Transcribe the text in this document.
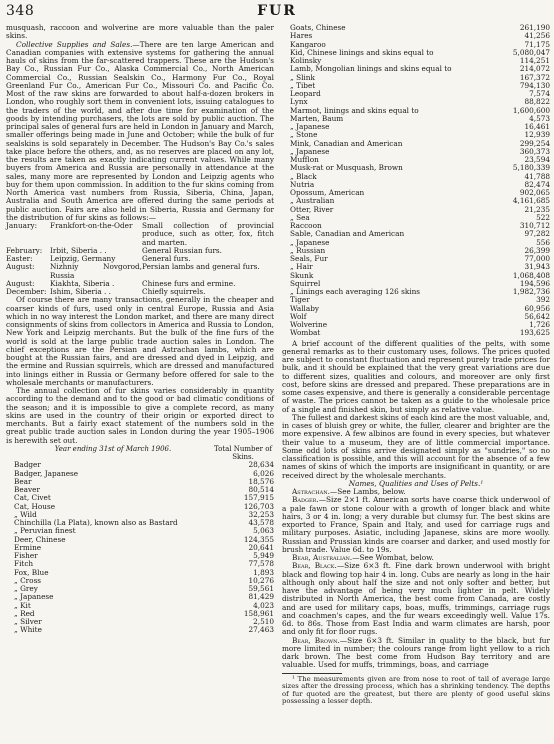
348	FUR

musquash, raccoon and wolverine are more valuable than the paler skins.

Collective Supplies and Sales.—There are ten large American and Canadian companies with extensive systems for gathering the annual hauls of skins from the far-scattered trappers. These are the Hudson's Bay Co., Russian Fur Co., Alaska Commercial Co., North American Commercial Co., Russian Sealskin Co., Harmony Fur Co., Royal Greenland Fur Co., American Fur Co., Missouri Co. and Pacific Co. Most of the raw skins are forwarded to about half-a-dozen brokers in London, who roughly sort them in convenient lots, issuing catalogues to the traders of the world, and after due time for examination of the goods by intending purchasers, the lots are sold by public auction. The principal sales of general furs are held in London in January and March, smaller offerings being made in June and October; while the bulk of fur sealskins is sold separately in December. The Hudson's Bay Co.'s sales take place before the others, and, as no reserves are placed on any lot, the results are taken as exactly indicating current values. While many buyers from America and Russia are personally in attendance at the sales, many more are represented by London and Leipzig agents who buy for them upon commission. In addition to the fur skins coming from North America vast numbers from Russia, Siberia, China, Japan, Australia and South America are offered during the same periods at public auction. Fairs are also held in Siberia, Russia and Germany for the distribution of fur skins as follows:—

January:	Frankfort-on-the-Oder	Small collection of provincial produce, such as otter, fox, fitch and marten.
February:	Irbit, Siberia . .	General Russian furs.
Easter:	Leipzig, Germany	General furs.
August:	Nizhniy Novgorod, Russia	Persian lambs and general furs.
August:	Kiakhta, Siberia .	Chinese furs and ermine.
December:	Ishim, Siberia . .	Chiefly squirrels.

Of course there are many transactions, generally in the cheaper and coarser kinds of furs, used only in central Europe, Russia and Asia which in no way interest the London market, and there are many direct consignments of skins from collectors in America and Russia to London, New York and Leipzig merchants. But the bulk of the fine furs of the world is sold at the large public trade auction sales in London. The chief exceptions are the Persian and Astrachan lambs, which are bought at the Russian fairs, and are dressed and dyed in Leipzig, and the ermine and Russian squirrels, which are dressed and manufactured into linings either in Russia or Germany before offered for sale to the wholesale merchants or manufacturers.

The annual collection of fur skins varies considerably in quantity according to the demand and to the good or bad climatic conditions of the season; and it is impossible to give a complete record, as many skins are used in the country of their origin or exported direct to merchants. But a fairly exact statement of the numbers sold in the great public trade auction sales in London during the year 1905–1906 is herewith set out.

Year ending 31st of March 1906.	Total Number of Skins.
Badger	28,634
Badger, Japanese	6,026
Bear	18,576
Beaver	80,514
Cat, Civet	157,915
Cat, House	126,703
„ Wild	32,253
Chinchilla (La Plata), known also as Bastard	43,578
„ Peruvian finest	5,063
Deer, Chinese	124,355
Ermine	20,641
Fisher	5,949
Fitch	77,578
Fox, Blue	1,893
„ Cross	10,276
„ Grey	59,561
„ Japanese	81,429
„ Kit	4,023
„ Red	158,961
„ Silver	2,510
„ White	27,463
Goats, Chinese	261,190
Hares	41,256
Kangaroo	71,175
Kid, Chinese linings and skins equal to	5,080,047
Kolinsky	114,251
Lamb, Mongolian linings and skins equal to	214,072
„ Slink	167,372
„ Tibet	794,130
Leopard	7,574
Lynx	88,822
Marmot, linings and skins equal to	1,600,600
Marten, Baum	4,573
„ Japanese	16,461
„ Stone	12,939
Mink, Canadian and American	299,254
„ Japanese	360,373
Mufflon	23,594
Musk-rat or Musquash, Brown	5,180,339
„ Black	41,788
Nutria	82,474
Opossum, American	902,065
„ Australian	4,161,685
Otter, River	21,235
„ Sea	522
Raccoon	310,712
Sable, Canadian and American	97,282
„ Japanese	556
„ Russian	26,399
Seals, Fur	77,000
„ Hair	31,943
Skunk	1,068,408
Squirrel	194,596
„ Linings each averaging 126 skins	1,982,736
Tiger	392
Wallaby	60,956
Wolf	56,642
Wolverine	1,726
Wombat	193,625

A brief account of the different qualities of the pelts, with some general remarks as to their customary uses, follows. The prices quoted are subject to constant fluctuation and represent purely trade prices for bulk, and it should be explained that the very great variations are due to different sizes, qualities and colours, and moreover are only first cost, before skins are dressed and prepared. These preparations are in some cases expensive, and there is generally a considerable percentage of waste. The prices cannot be taken as a guide to the wholesale price of a single and finished skin, but simply as relative value.

The fullest and darkest skins of each kind are the most valuable, and, in cases of bluish grey or white, the fuller, clearer and brighter are the more expensive. A few albinos are found in every species, but whatever their value to a museum, they are of little commercial importance. Some odd lots of skins arrive designated simply as "sundries," so no classification is possible, and this will account for the absence of a few names of skins of which the imports are insignificant in quantity, or are received direct by the wholesale merchants.

Names, Qualities and Uses of Pelts.¹

Astrachan.—See Lambs, below.

Badger.—Size 2×1 ft. American sorts have coarse thick underwool of a pale fawn or stone colour with a growth of longer black and white hairs, 3 or 4 in. long; a very durable but clumsy fur. The best skins are exported to France, Spain and Italy, and used for carriage rugs and military purposes. Asiatic, including Japanese, skins are more woolly. Russian and Prussian kinds are coarser and darker, and used mostly for brush trade. Value 6d. to 19s.

Bear, Australian.—See Wombat, below.

Bear, Black.—Size 6×3 ft. Fine dark brown underwool with bright black and flowing top hair 4 in. long. Cubs are nearly as long in the hair although only about half the size and not only softer and better, but have the advantage of being very much lighter in pelt. Widely distributed in North America, the best come from Canada, are costly and are used for military caps, boas, muffs, trimmings, carriage rugs and coachmen's capes, and the fur wears exceedingly well. Value 17s. 6d. to 86s. Those from East India and warm climates are harsh, poor and only fit for floor rugs.

Bear, Brown.—Size 6×3 ft. Similar in quality to the black, but fur more limited in number; the colours range from light yellow to a rich dark brown. The best come from Hudson Bay territory and are valuable. Used for muffs, trimmings, boas, and carriage

¹ The measurements given are from nose to root of tail of average large sizes after the dressing process, which has a shrinking tendency. The depths of fur quoted are the greatest, but there are plenty of good useful skins possessing a lesser depth.
